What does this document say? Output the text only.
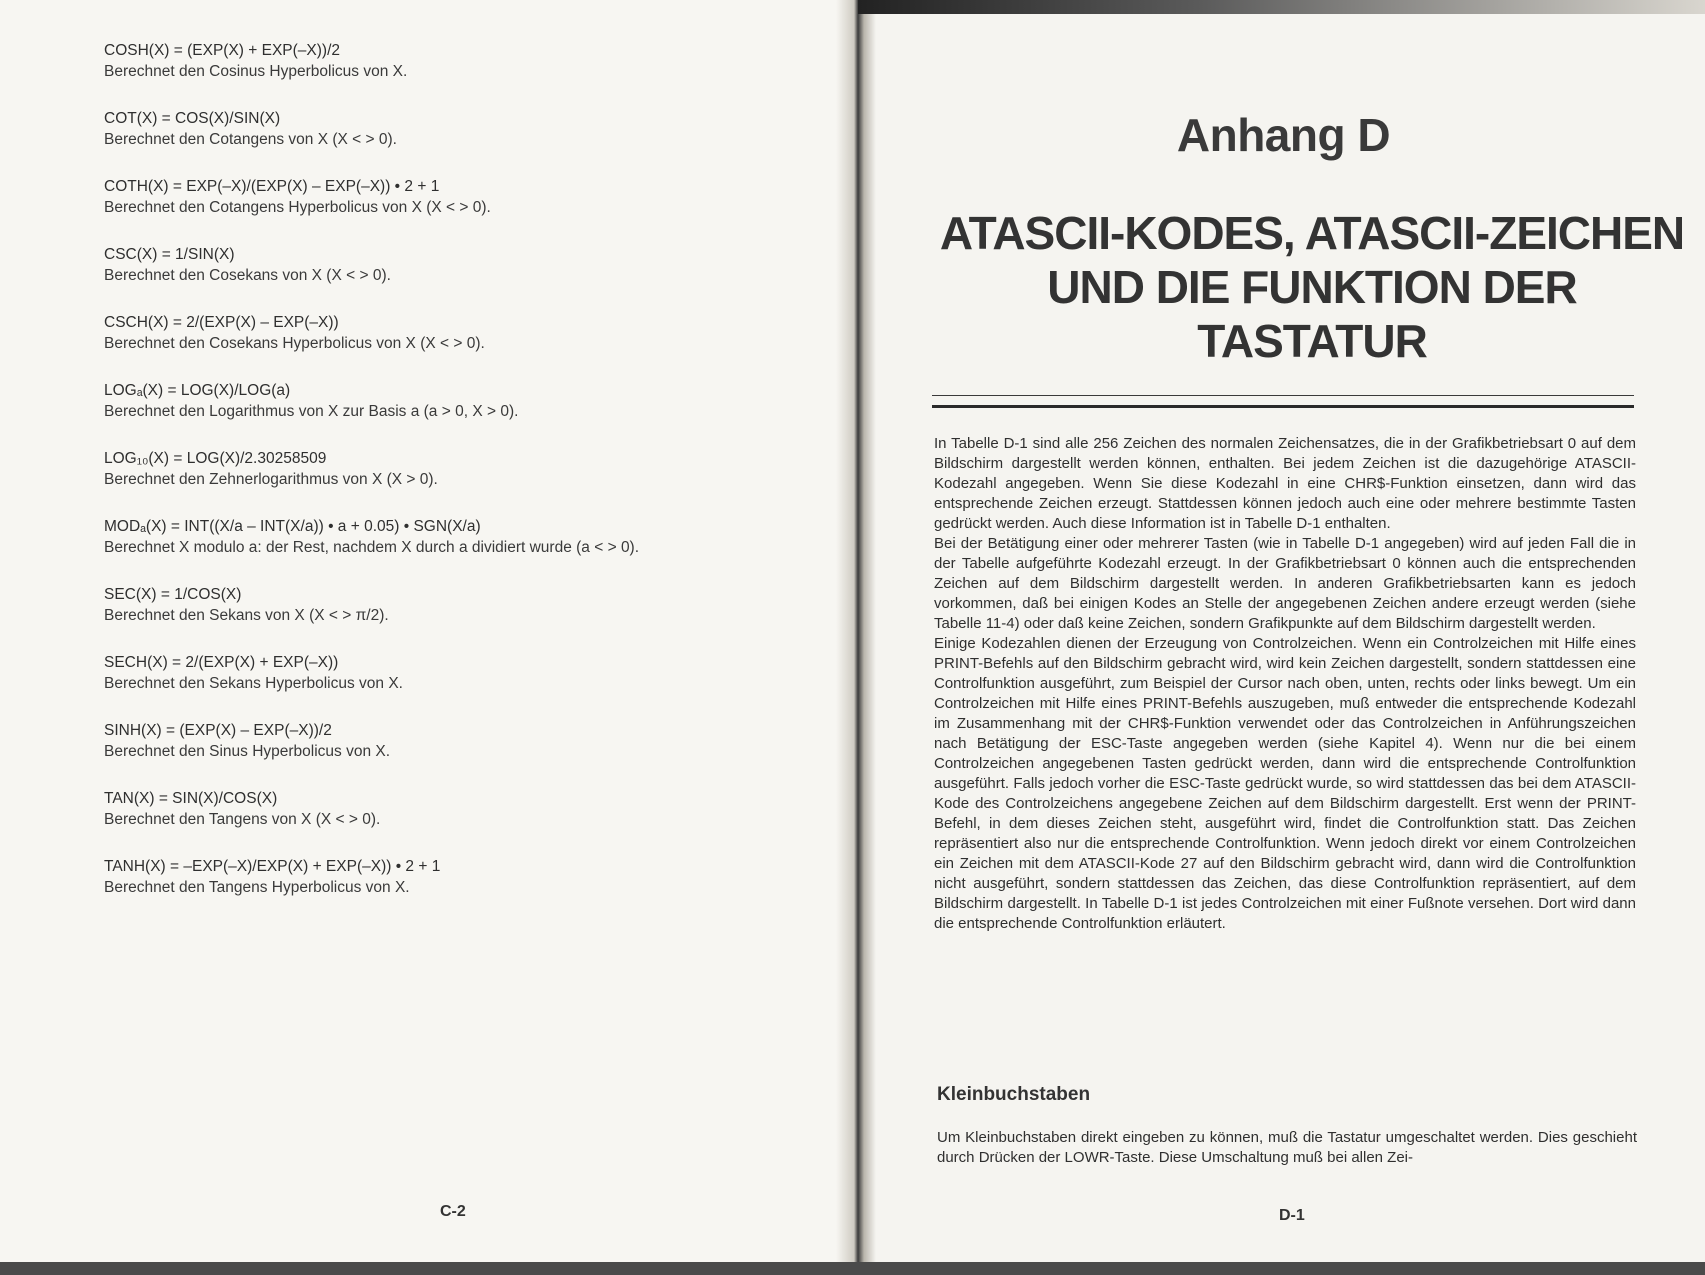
COSH(X) = (EXP(X) + EXP(–X))/2
Berechnet den Cosinus Hyperbolicus von X.
COT(X) = COS(X)/SIN(X)
Berechnet den Cotangens von X (X < > 0).
COTH(X) = EXP(–X)/(EXP(X) – EXP(–X)) • 2 + 1
Berechnet den Cotangens Hyperbolicus von X (X < > 0).
CSC(X) = 1/SIN(X)
Berechnet den Cosekans von X (X < > 0).
CSCH(X) = 2/(EXP(X) – EXP(–X))
Berechnet den Cosekans Hyperbolicus von X (X < > 0).
LOGₐ(X) = LOG(X)/LOG(a)
Berechnet den Logarithmus von X zur Basis a (a > 0, X > 0).
LOG₁₀(X) = LOG(X)/2.30258509
Berechnet den Zehnerlogarithmus von X (X > 0).
MODₐ(X) = INT((X/a – INT(X/a)) • a + 0.05) • SGN(X/a)
Berechnet X modulo a: der Rest, nachdem X durch a dividiert wurde (a < > 0).
SEC(X) = 1/COS(X)
Berechnet den Sekans von X (X < > π/2).
SECH(X) = 2/(EXP(X) + EXP(–X))
Berechnet den Sekans Hyperbolicus von X.
SINH(X) = (EXP(X) – EXP(–X))/2
Berechnet den Sinus Hyperbolicus von X.
TAN(X) = SIN(X)/COS(X)
Berechnet den Tangens von X (X < > 0).
TANH(X) = –EXP(–X)/EXP(X) + EXP(–X)) • 2 + 1
Berechnet den Tangens Hyperbolicus von X.
C-2
Anhang D
ATASCII-KODES, ATASCII-ZEICHEN UND DIE FUNKTION DER TASTATUR

In Tabelle D-1 sind alle 256 Zeichen des normalen Zeichensatzes, die in der Grafikbetriebsart 0 auf dem Bildschirm dargestellt werden können, enthalten. Bei jedem Zeichen ist die dazugehörige ATASCII-Kodezahl angegeben. Wenn Sie diese Kodezahl in eine CHR$-Funktion einsetzen, dann wird das entsprechende Zeichen erzeugt. Stattdessen können jedoch auch eine oder mehrere bestimmte Tasten gedrückt werden. Auch diese Information ist in Tabelle D-1 enthalten.

Bei der Betätigung einer oder mehrerer Tasten (wie in Tabelle D-1 angegeben) wird auf jeden Fall die in der Tabelle aufgeführte Kodezahl erzeugt. In der Grafikbetriebsart 0 können auch die entsprechenden Zeichen auf dem Bildschirm dargestellt werden. In anderen Grafikbetriebsarten kann es jedoch vorkommen, daß bei einigen Kodes an Stelle der angegebenen Zeichen andere erzeugt werden (siehe Tabelle 11-4) oder daß keine Zeichen, sondern Grafikpunkte auf dem Bildschirm dargestellt werden.

Einige Kodezahlen dienen der Erzeugung von Controlzeichen. Wenn ein Controlzeichen mit Hilfe eines PRINT-Befehls auf den Bildschirm gebracht wird, wird kein Zeichen dargestellt, sondern stattdessen eine Controlfunktion ausgeführt, zum Beispiel der Cursor nach oben, unten, rechts oder links bewegt. Um ein Controlzeichen mit Hilfe eines PRINT-Befehls auszugeben, muß entweder die entsprechende Kodezahl im Zusammenhang mit der CHR$-Funktion verwendet oder das Controlzeichen in Anführungszeichen nach Betätigung der ESC-Taste angegeben werden (siehe Kapitel 4). Wenn nur die bei einem Controlzeichen angegebenen Tasten gedrückt werden, dann wird die entsprechende Controlfunktion ausgeführt. Falls jedoch vorher die ESC-Taste gedrückt wurde, so wird stattdessen das bei dem ATASCII-Kode des Controlzeichens angegebene Zeichen auf dem Bildschirm dargestellt. Erst wenn der PRINT-Befehl, in dem dieses Zeichen steht, ausgeführt wird, findet die Controlfunktion statt. Das Zeichen repräsentiert also nur die entsprechende Controlfunktion. Wenn jedoch direkt vor einem Controlzeichen ein Zeichen mit dem ATASCII-Kode 27 auf den Bildschirm gebracht wird, dann wird die Controlfunktion nicht ausgeführt, sondern stattdessen das Zeichen, das diese Controlfunktion repräsentiert, auf dem Bildschirm dargestellt. In Tabelle D-1 ist jedes Controlzeichen mit einer Fußnote versehen. Dort wird dann die entsprechende Controlfunktion erläutert.

Kleinbuchstaben
Um Kleinbuchstaben direkt eingeben zu können, muß die Tastatur umgeschaltet werden. Dies geschieht durch Drücken der LOWR-Taste. Diese Umschaltung muß bei allen Zei-
D-1
